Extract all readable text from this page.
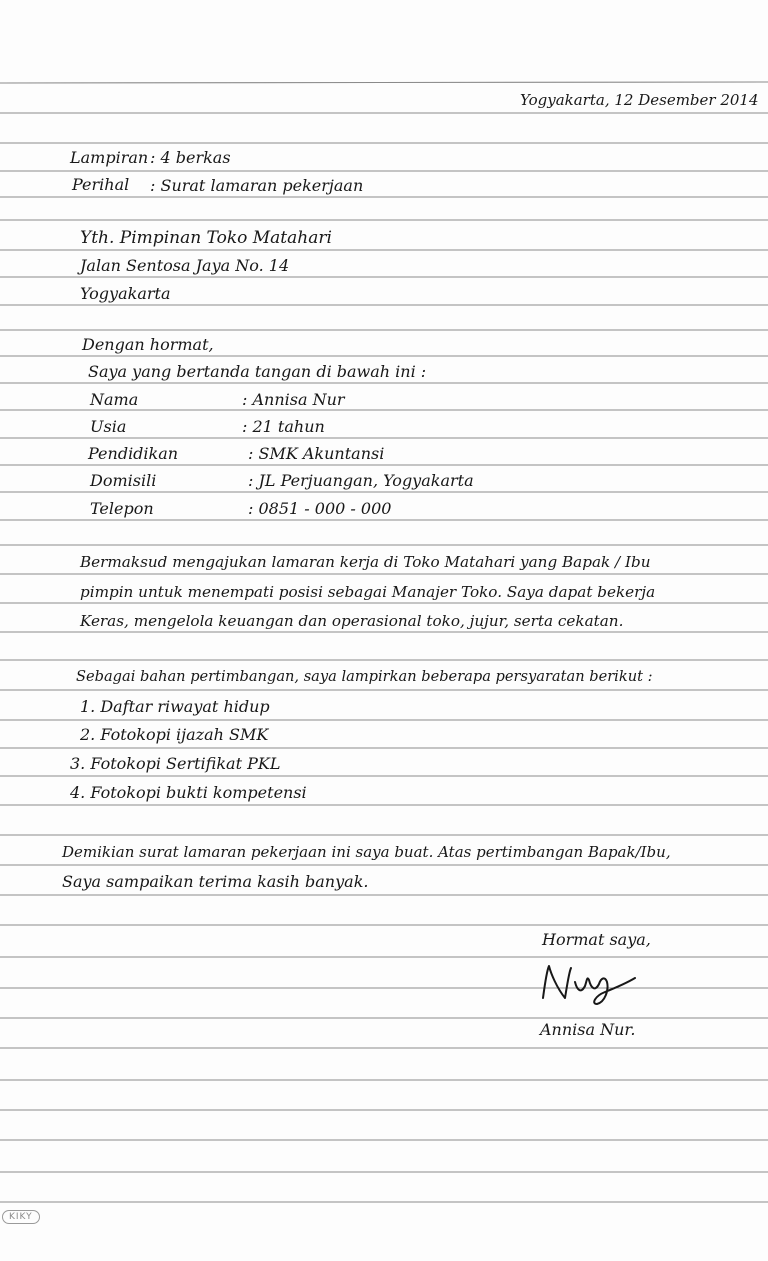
Yogyakarta, 12 Desember 2014
Lampiran : 4 berkas
Perihal : Surat lamaran pekerjaan
Yth. Pimpinan Toko Matahari
Jalan Sentosa Jaya No. 14
Yogyakarta
Dengan hormat,
Saya yang bertanda tangan di bawah ini :
Nama	: Annisa Nur
Usia	: 21 tahun
Pendidikan	: SMK Akuntansi
Domisili	: JL Perjuangan, Yogyakarta
Telepon	: 0851 - 000 - 000
Bermaksud mengajukan lamaran kerja di Toko Matahari yang Bapak / Ibu
pimpin untuk menempati posisi sebagai Manajer Toko. Saya dapat bekerja
Keras, mengelola keuangan dan operasional toko, jujur, serta cekatan.
Sebagai bahan pertimbangan, saya lampirkan beberapa persyaratan berikut :
1. Daftar riwayat hidup
2. Fotokopi ijazah SMK
3. Fotokopi Sertifikat PKL
4. Fotokopi bukti kompetensi
Demikian surat lamaran pekerjaan ini saya buat. Atas pertimbangan Bapak/Ibu,
Saya sampaikan terima kasih banyak.
Hormat saya,
Annisa Nur.
KIKY
